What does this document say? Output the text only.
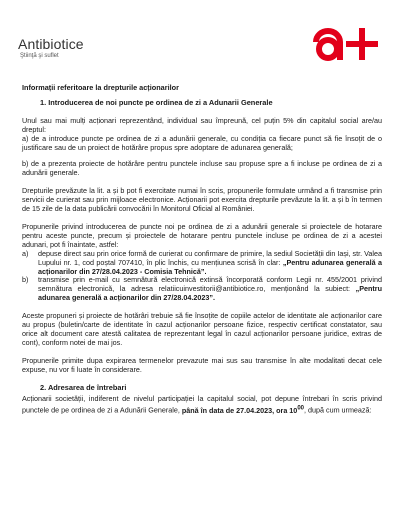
Antibiotice
Ştiinţă şi suflet
Informații referitoare la drepturile acționarilor
1. Introducerea de noi puncte pe ordinea de zi a Adunarii Generale

Unul sau mai mulți acționari reprezentând, individual sau împreună, cel puțin 5% din capitalul social are/au dreptul:

a) de a introduce puncte pe ordinea de zi a adunării generale, cu condiția ca fiecare punct să fie însoțit de o justificare sau de un proiect de hotărâre propus spre adoptare de adunarea generală;

b) de a prezenta proiecte de hotărâre pentru punctele incluse sau propuse spre a fi incluse pe ordinea de zi a adunării generale.

Drepturile prevăzute la lit. a și b pot fi exercitate numai în scris, propunerile formulate urmând a fi transmise prin servicii de curierat sau prin mijloace electronice. Acționarii pot exercita drepturile prevăzute la lit. a și b în termen de 15 zile de la data publicării convocării în Monitorul Oficial al României.

Propunerile privind introducerea de puncte noi pe ordinea de zi a adunării generale si proiectele de hotarare pentru aceste puncte, precum și proiectele de hotarare pentru punctele incluse pe ordinea de zi a acestei adunari, pot fi înaintate, astfel:

a)	depuse direct sau prin orice formă de curierat cu confirmare de primire, la sediul Societății din Iași, str. Valea Lupului nr. 1, cod poștal 707410, în plic închis, cu mențiunea scrisă în clar: „Pentru adunarea generală a acționarilor din 27/28.04.2023 - Comisia Tehnică”.
b)	transmise prin e-mail cu semnătură electronică extinsă încorporată conform Legii nr. 455/2001 privind semnătura electronică, la adresa relatiicuinvestitorii@antibiotice.ro, menționând la subiect: „Pentru adunarea generală a acționarilor din 27/28.04.2023”.

Aceste propuneri și proiecte de hotărâri trebuie să fie însoțite de copiile actelor de identitate ale acționarilor care au propus (buletin/carte de identitate în cazul acționarilor persoane fizice, respectiv certificat constatator, sau orice alt document care atestă calitatea de reprezentant legal în cazul acționarilor persoane juridice, extras de cont), conform notei de mai jos.

Propunerile primite dupa expirarea termenelor prevazute mai sus sau transmise în alte modalitati decat cele expuse, nu vor fi luate în considerare.

2. Adresarea de întrebari

Acționarii societății, indiferent de nivelul participației la capitalul social, pot depune întrebari în scris privind punctele de pe ordinea de zi a Adunării Generale, până în data de 27.04.2023, ora $10^{00}$, după cum urmează:
